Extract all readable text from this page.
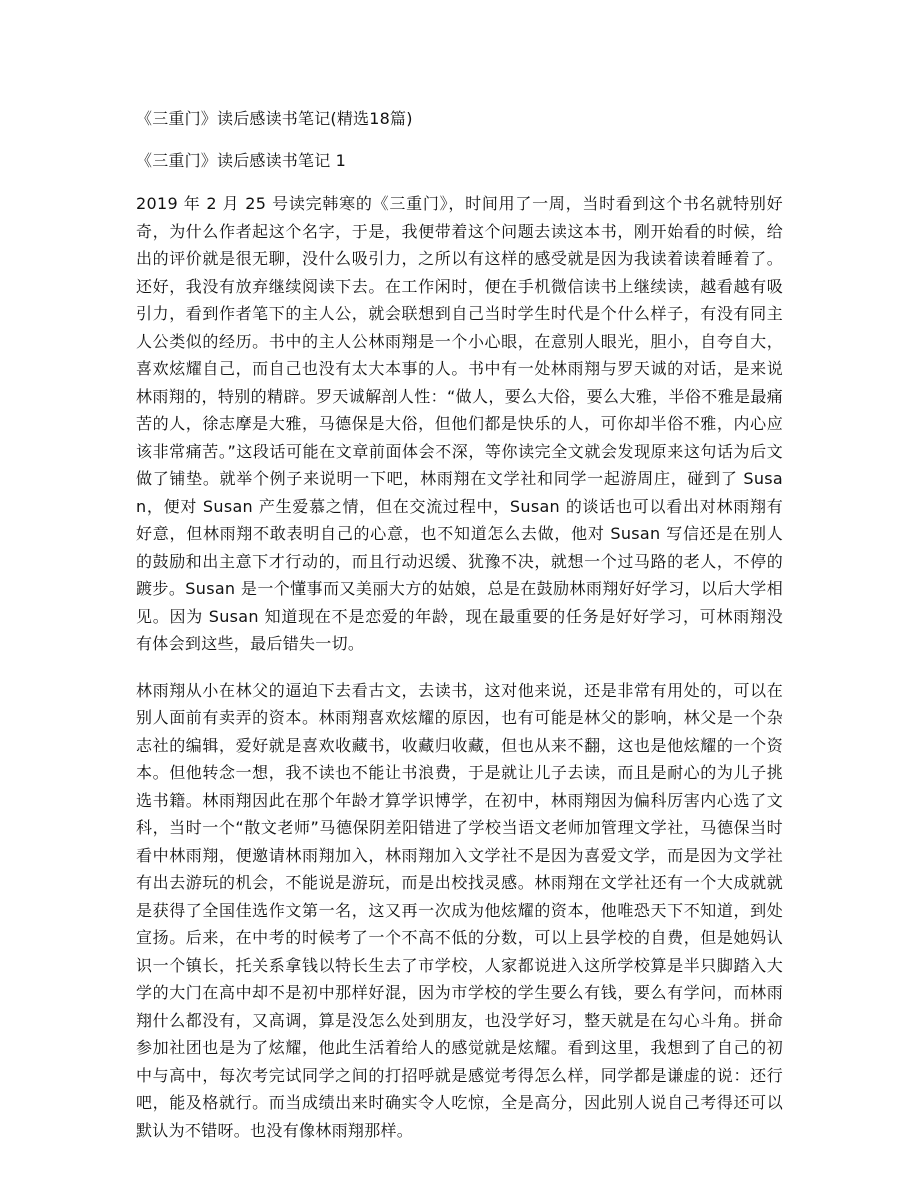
《三重门》读后感读书笔记(精选18篇)
《三重门》读后感读书笔记 1

2019 年 2 月 25 号读完韩寒的《三重门》，时间用了一周，当时看到这个书名就特别好奇，为什么作者起这个名字，于是，我便带着这个问题去读这本书，刚开始看的时候，给出的评价就是很无聊，没什么吸引力，之所以有这样的感受就是因为我读着读着睡着了。还好，我没有放弃继续阅读下去。在工作闲时，便在手机微信读书上继续读，越看越有吸引力，看到作者笔下的主人公，就会联想到自己当时学生时代是个什么样子，有没有同主人公类似的经历。书中的主人公林雨翔是一个小心眼，在意别人眼光，胆小，自夸自大，喜欢炫耀自己，而自己也没有太大本事的人。书中有一处林雨翔与罗天诚的对话，是来说林雨翔的，特别的精辟。罗天诚解剖人性：“做人，要么大俗，要么大雅，半俗不雅是最痛苦的人，徐志摩是大雅，马德保是大俗，但他们都是快乐的人，可你却半俗不雅，内心应该非常痛苦。”这段话可能在文章前面体会不深，等你读完全文就会发现原来这句话为后文做了铺垫。就举个例子来说明一下吧，林雨翔在文学社和同学一起游周庄，碰到了 Susan，便对 Susan 产生爱慕之情，但在交流过程中，Susan 的谈话也可以看出对林雨翔有好意，但林雨翔不敢表明自己的心意，也不知道怎么去做，他对 Susan 写信还是在别人的鼓励和出主意下才行动的，而且行动迟缓、犹豫不决，就想一个过马路的老人，不停的踱步。Susan 是一个懂事而又美丽大方的姑娘，总是在鼓励林雨翔好好学习，以后大学相见。因为 Susan 知道现在不是恋爱的年龄，现在最重要的任务是好好学习，可林雨翔没有体会到这些，最后错失一切。

林雨翔从小在林父的逼迫下去看古文，去读书，这对他来说，还是非常有用处的，可以在别人面前有卖弄的资本。林雨翔喜欢炫耀的原因，也有可能是林父的影响，林父是一个杂志社的编辑，爱好就是喜欢收藏书，收藏归收藏，但也从来不翻，这也是他炫耀的一个资本。但他转念一想，我不读也不能让书浪费，于是就让儿子去读，而且是耐心的为儿子挑选书籍。林雨翔因此在那个年龄才算学识博学，在初中，林雨翔因为偏科厉害内心选了文科，当时一个“散文老师”马德保阴差阳错进了学校当语文老师加管理文学社，马德保当时看中林雨翔，便邀请林雨翔加入，林雨翔加入文学社不是因为喜爱文学，而是因为文学社有出去游玩的机会，不能说是游玩，而是出校找灵感。林雨翔在文学社还有一个大成就就是获得了全国佳选作文第一名，这又再一次成为他炫耀的资本，他唯恐天下不知道，到处宣扬。后来，在中考的时候考了一个不高不低的分数，可以上县学校的自费，但是她妈认识一个镇长，托关系拿钱以特长生去了市学校，人家都说进入这所学校算是半只脚踏入大学的大门在高中却不是初中那样好混，因为市学校的学生要么有钱，要么有学问，而林雨翔什么都没有，又高调，算是没怎么处到朋友，也没学好习，整天就是在勾心斗角。拼命参加社团也是为了炫耀，他此生活着给人的感觉就是炫耀。看到这里，我想到了自己的初中与高中，每次考完试同学之间的打招呼就是感觉考得怎么样，同学都是谦虚的说：还行吧，能及格就行。而当成绩出来时确实令人吃惊，全是高分，因此别人说自己考得还可以默认为不错呀。也没有像林雨翔那样。
